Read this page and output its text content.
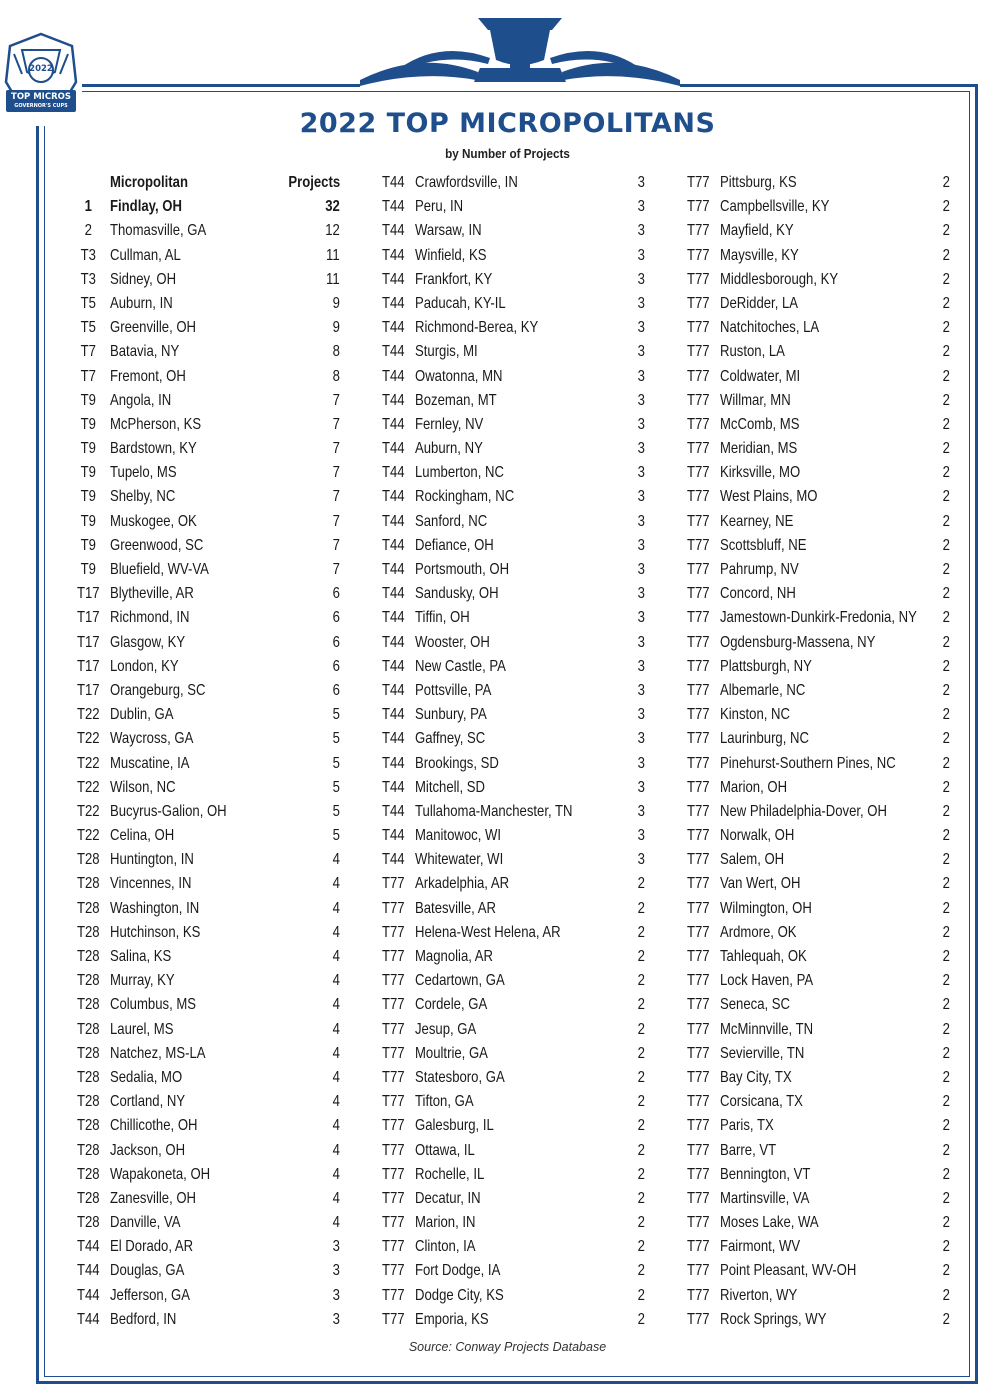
2022
TOP MICROS
GOVERNOR'S CUPS
2022 TOP MICROPOLITANS
by Number of Projects
Micropolitan	Projects
1	Findlay, OH	32
2	Thomasville, GA	12
T3 Cullman, AL	11
T3 Sidney, OH	11
T5 Auburn, IN	9
T5 Greenville, OH	9
T7 Batavia, NY	8
T7 Fremont, OH	8
T9 Angola, IN	7
T9 McPherson, KS	7
T9 Bardstown, KY	7
T9 Tupelo, MS	7
T9 Shelby, NC	7
T9 Muskogee, OK	7
T9 Greenwood, SC	7
T9 Bluefield, WV-VA	7
T17 Blytheville, AR	6
T17 Richmond, IN	6
T17 Glasgow, KY	6
T17 London, KY	6
T17 Orangeburg, SC	6
T22 Dublin, GA	5
T22 Waycross, GA	5
T22 Muscatine, IA	5
T22 Wilson, NC	5
T22 Bucyrus-Galion, OH	5
T22 Celina, OH	5
T28 Huntington, IN	4
T28 Vincennes, IN	4
T28 Washington, IN	4
T28 Hutchinson, KS	4
T28 Salina, KS	4
T28 Murray, KY	4
T28 Columbus, MS	4
T28 Laurel, MS	4
T28 Natchez, MS-LA	4
T28 Sedalia, MO	4
T28 Cortland, NY	4
T28 Chillicothe, OH	4
T28 Jackson, OH	4
T28 Wapakoneta, OH	4
T28 Zanesville, OH	4
T28 Danville, VA	4
T44 El Dorado, AR	3
T44 Douglas, GA	3
T44 Jefferson, GA	3
T44 Bedford, IN	3
T44 Crawfordsville, IN	3
T44 Peru, IN	3
T44 Warsaw, IN	3
T44 Winfield, KS	3
T44 Frankfort, KY	3
T44 Paducah, KY-IL	3
T44 Richmond-Berea, KY	3
T44 Sturgis, MI	3
T44 Owatonna, MN	3
T44 Bozeman, MT	3
T44 Fernley, NV	3
T44 Auburn, NY	3
T44 Lumberton, NC	3
T44 Rockingham, NC	3
T44 Sanford, NC	3
T44 Defiance, OH	3
T44 Portsmouth, OH	3
T44 Sandusky, OH	3
T44 Tiffin, OH	3
T44 Wooster, OH	3
T44 New Castle, PA	3
T44 Pottsville, PA	3
T44 Sunbury, PA	3
T44 Gaffney, SC	3
T44 Brookings, SD	3
T44 Mitchell, SD	3
T44 Tullahoma-Manchester, TN	3
T44 Manitowoc, WI	3
T44 Whitewater, WI	3
T77 Arkadelphia, AR	2
T77 Batesville, AR	2
T77 Helena-West Helena, AR	2
T77 Magnolia, AR	2
T77 Cedartown, GA	2
T77 Cordele, GA	2
T77 Jesup, GA	2
T77 Moultrie, GA	2
T77 Statesboro, GA	2
T77 Tifton, GA	2
T77 Galesburg, IL	2
T77 Ottawa, IL	2
T77 Rochelle, IL	2
T77 Decatur, IN	2
T77 Marion, IN	2
T77 Clinton, IA	2
T77 Fort Dodge, IA	2
T77 Dodge City, KS	2
T77 Emporia, KS	2
T77 Pittsburg, KS	2
T77 Campbellsville, KY	2
T77 Mayfield, KY	2
T77 Maysville, KY	2
T77 Middlesborough, KY	2
T77 DeRidder, LA	2
T77 Natchitoches, LA	2
T77 Ruston, LA	2
T77 Coldwater, MI	2
T77 Willmar, MN	2
T77 McComb, MS	2
T77 Meridian, MS	2
T77 Kirksville, MO	2
T77 West Plains, MO	2
T77 Kearney, NE	2
T77 Scottsbluff, NE	2
T77 Pahrump, NV	2
T77 Concord, NH	2
T77 Jamestown-Dunkirk-Fredonia, NY 2
T77 Ogdensburg-Massena, NY	2
T77 Plattsburgh, NY	2
T77 Albemarle, NC	2
T77 Kinston, NC	2
T77 Laurinburg, NC	2
T77 Pinehurst-Southern Pines, NC	2
T77 Marion, OH	2
T77 New Philadelphia-Dover, OH	2
T77 Norwalk, OH	2
T77 Salem, OH	2
T77 Van Wert, OH	2
T77 Wilmington, OH	2
T77 Ardmore, OK	2
T77 Tahlequah, OK	2
T77 Lock Haven, PA	2
T77 Seneca, SC	2
T77 McMinnville, TN	2
T77 Sevierville, TN	2
T77 Bay City, TX	2
T77 Corsicana, TX	2
T77 Paris, TX	2
T77 Barre, VT	2
T77 Bennington, VT	2
T77 Martinsville, VA	2
T77 Moses Lake, WA	2
T77 Fairmont, WV	2
T77 Point Pleasant, WV-OH	2
T77 Riverton, WY	2
T77 Rock Springs, WY	2
Source: Conway Projects Database
